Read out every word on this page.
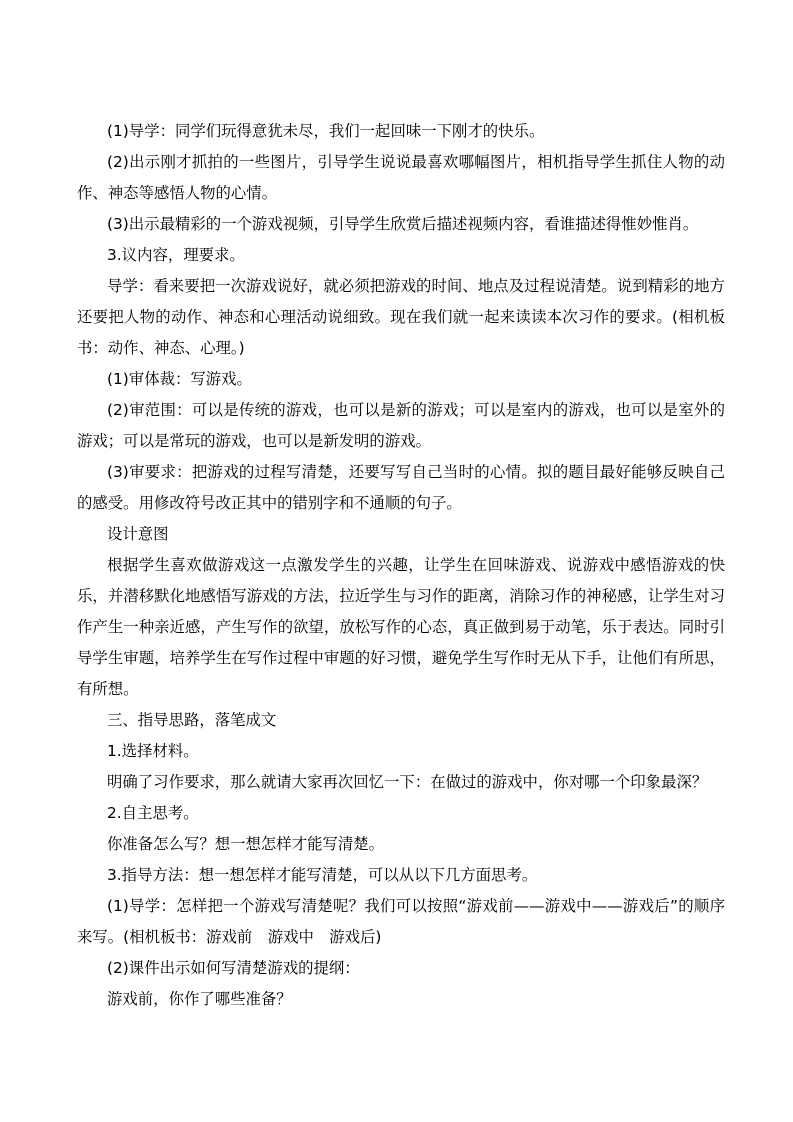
(1)导学：同学们玩得意犹未尽，我们一起回味一下刚才的快乐。

(2)出示刚才抓拍的一些图片，引导学生说说最喜欢哪幅图片，相机指导学生抓住人物的动作、神态等感悟人物的心情。

(3)出示最精彩的一个游戏视频，引导学生欣赏后描述视频内容，看谁描述得惟妙惟肖。

3.议内容，理要求。

导学：看来要把一次游戏说好，就必须把游戏的时间、地点及过程说清楚。说到精彩的地方还要把人物的动作、神态和心理活动说细致。现在我们就一起来读读本次习作的要求。(相机板书：动作、神态、心理。)

(1)审体裁：写游戏。

(2)审范围：可以是传统的游戏，也可以是新的游戏；可以是室内的游戏，也可以是室外的游戏；可以是常玩的游戏，也可以是新发明的游戏。

(3)审要求：把游戏的过程写清楚，还要写写自己当时的心情。拟的题目最好能够反映自己的感受。用修改符号改正其中的错别字和不通顺的句子。

设计意图

根据学生喜欢做游戏这一点激发学生的兴趣，让学生在回味游戏、说游戏中感悟游戏的快乐，并潜移默化地感悟写游戏的方法，拉近学生与习作的距离，消除习作的神秘感，让学生对习作产生一种亲近感，产生写作的欲望，放松写作的心态，真正做到易于动笔，乐于表达。同时引导学生审题，培养学生在写作过程中审题的好习惯，避免学生写作时无从下手，让他们有所思，有所想。

三、指导思路，落笔成文

1.选择材料。

明确了习作要求，那么就请大家再次回忆一下：在做过的游戏中，你对哪一个印象最深？

2.自主思考。

你准备怎么写？想一想怎样才能写清楚。

3.指导方法：想一想怎样才能写清楚，可以从以下几方面思考。

(1)导学：怎样把一个游戏写清楚呢？我们可以按照“游戏前——游戏中——游戏后”的顺序来写。(相机板书：游戏前　游戏中　游戏后)

(2)课件出示如何写清楚游戏的提纲：

游戏前，你作了哪些准备？
